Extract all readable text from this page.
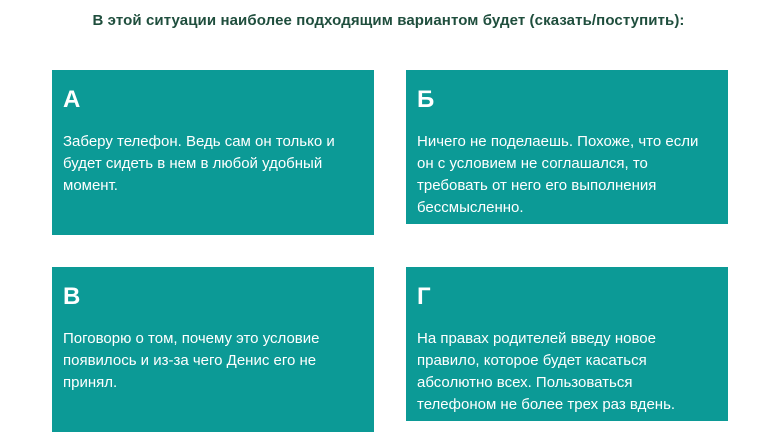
В этой ситуации наиболее подходящим вариантом будет (сказать/поступить):
А
Заберу телефон. Ведь сам он только и будет сидеть в нем в любой удобный момент.
Б
Ничего не поделаешь. Похоже, что если он с условием не соглашался, то требовать от него его выполнения бессмысленно.
В
Поговорю о том, почему это условие появилось и из-за чего Денис его не принял.
Г
На правах родителей введу новое правило, которое будет касаться абсолютно всех. Пользоваться телефоном не более трех раз вдень.
